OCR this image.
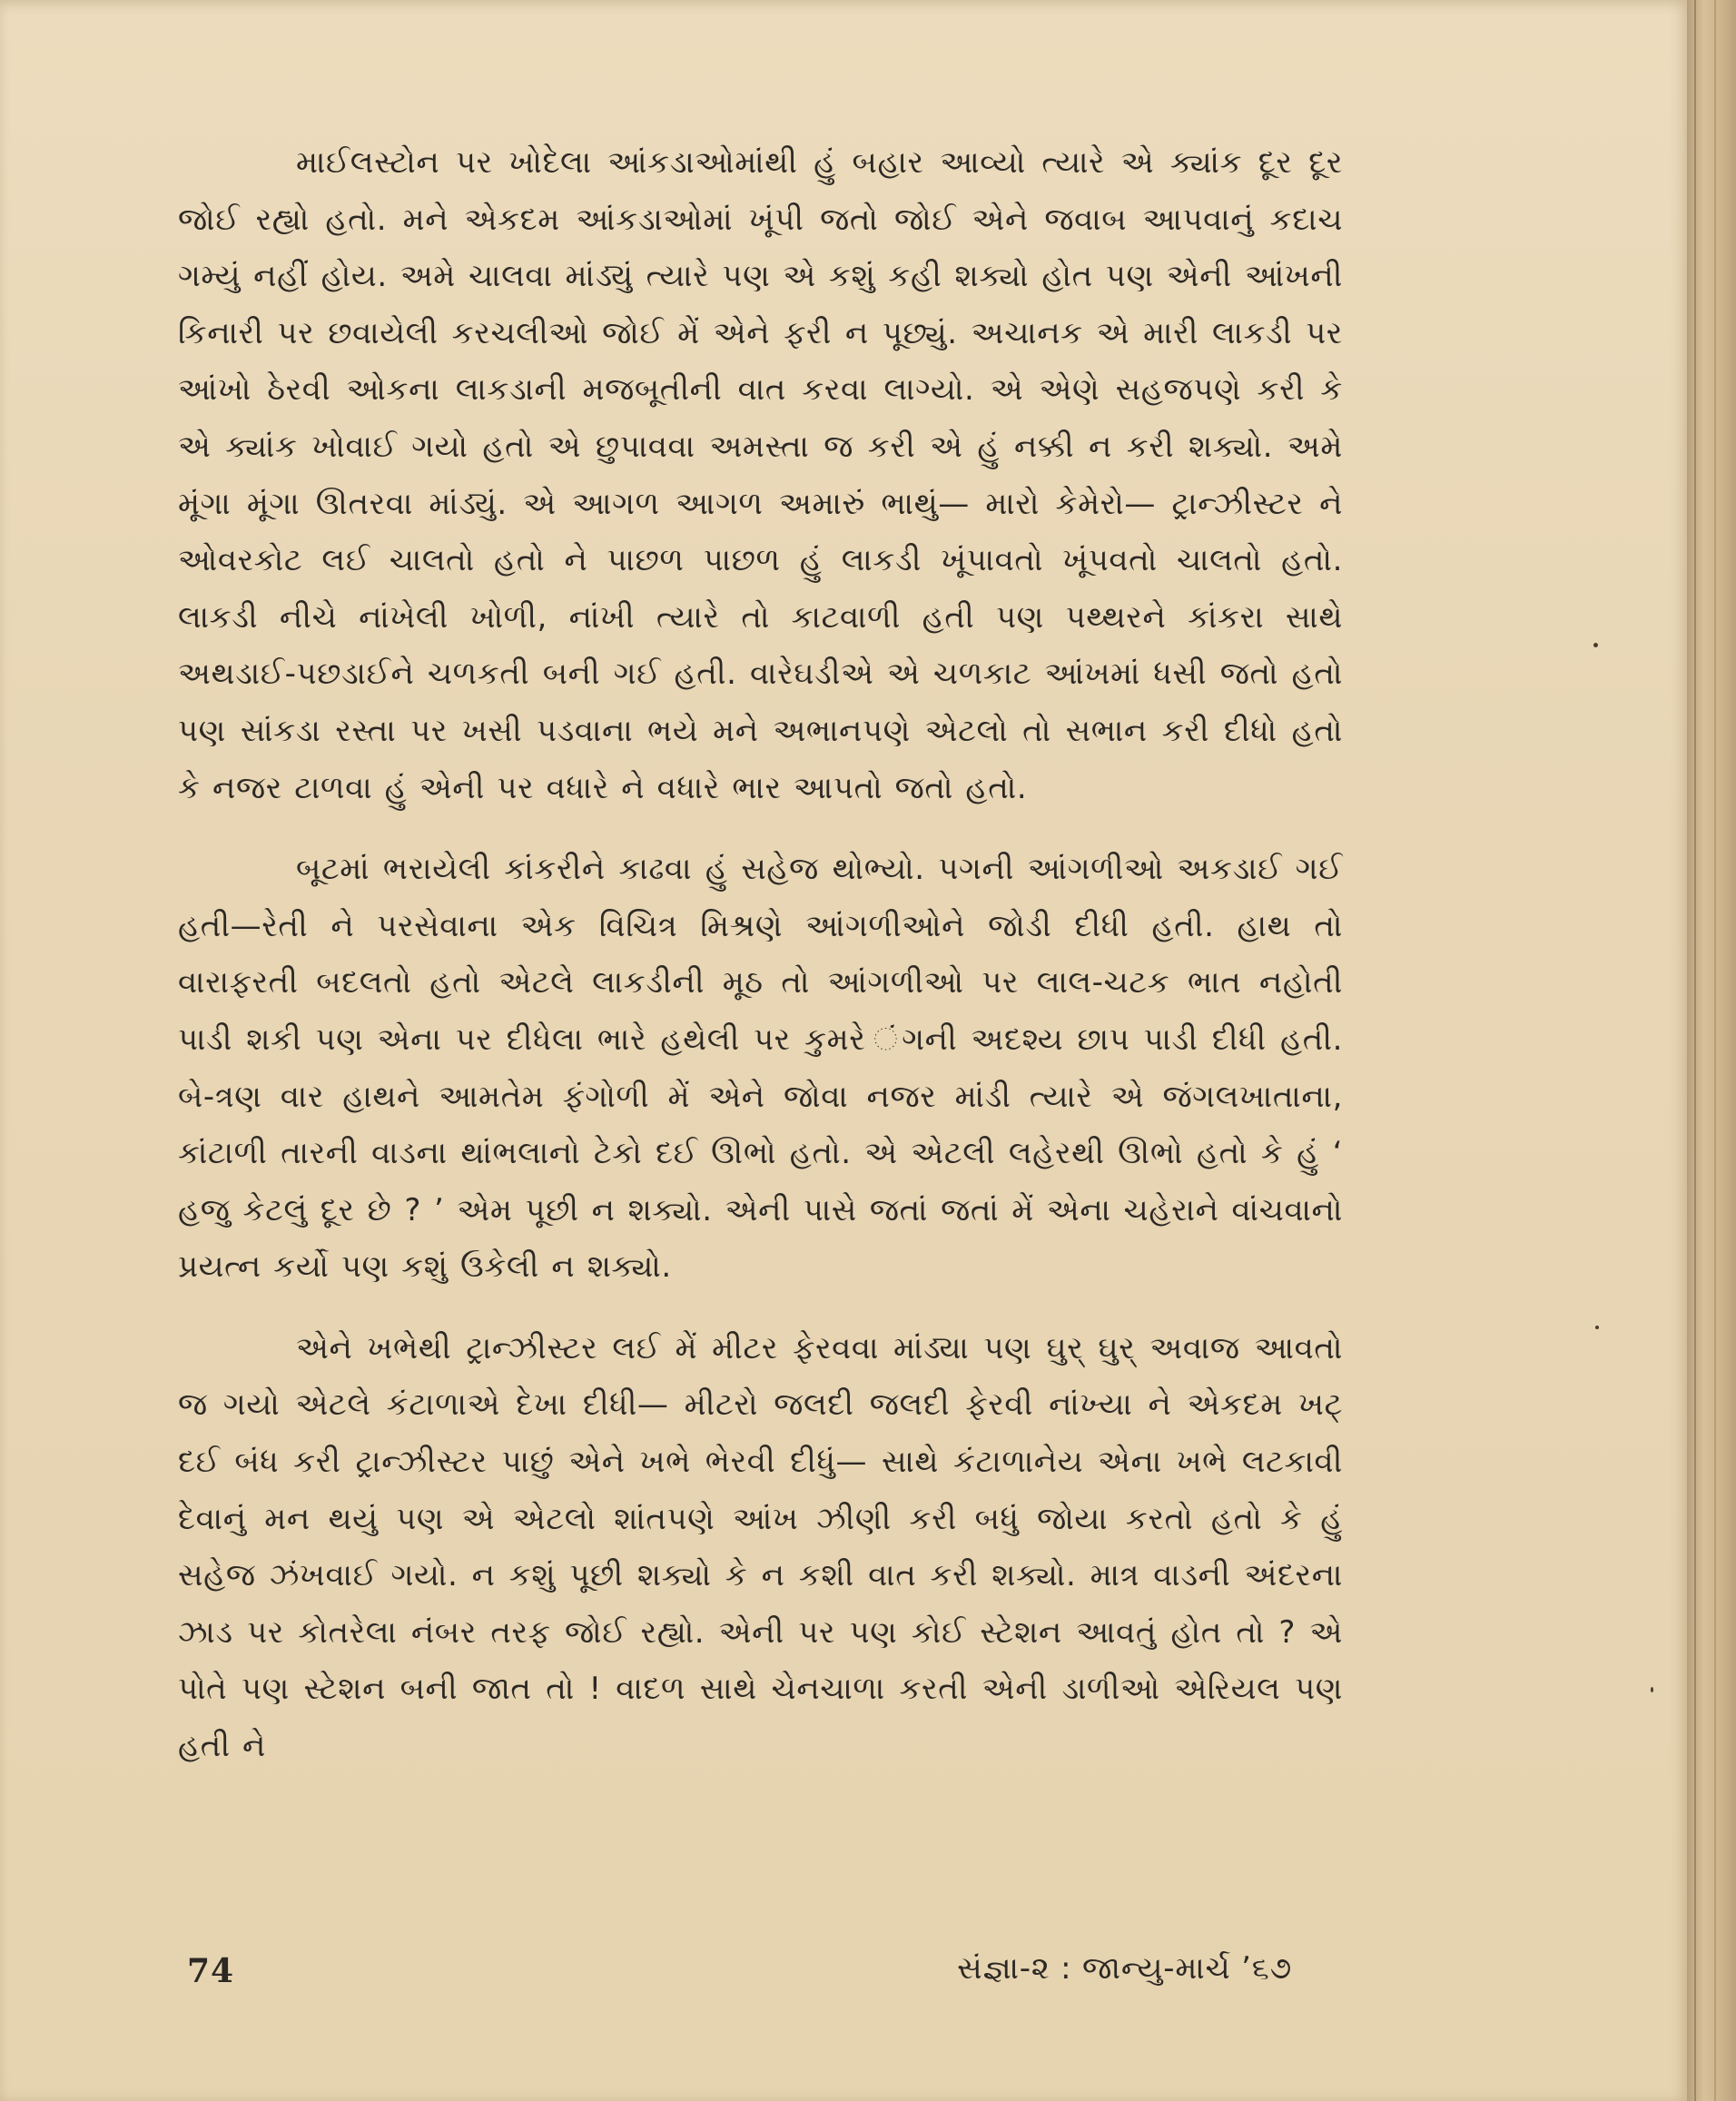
માઈલસ્ટોન પર ખોદેલા આંકડાઓમાંથી હું બહાર આવ્યો ત્યારે એ ક્યાંક દૂર દૂર જોઈ રહ્યો હતો. મને એકદમ આંકડાઓમાં ખૂંપી જતો જોઈ એને જવાબ આપવાનું કદાચ ગમ્યું નહીં હોય. અમે ચાલવા માંડ્યું ત્યારે પણ એ કશું કહી શક્યો હોત પણ એની આંખની કિનારી પર છવાયેલી કરચલીઓ જોઈ મેં એને ફરી ન પૂછ્યું. અચાનક એ મારી લાકડી પર આંખો ઠેરવી ઓકના લાકડાની મજબૂતીની વાત કરવા લાગ્યો. એ એણે સહજપણે કરી કે એ ક્યાંક ખોવાઈ ગયો હતો એ છુપાવવા અમસ્તા જ કરી એ હું નક્કી ન કરી શક્યો. અમે મૂંગા મૂંગા ઊતરવા માંડ્યું. એ આગળ આગળ અમારું ભાથું— મારો કેમેરો— ટ્રાન્ઝીસ્ટર ને ઓવરકોટ લઈ ચાલતો હતો ને પાછળ પાછળ હું લાકડી ખૂંપાવતો ખૂંપવતો ચાલતો હતો. લાકડી નીચે નાંખેલી ખોળી, નાંખી ત્યારે તો કાટવાળી હતી પણ પથ્થરને કાંકરા સાથે અથડાઈ-પછડાઈને ચળકતી બની ગઈ હતી. વારેઘડીએ એ ચળકાટ આંખમાં ધસી જતો હતો પણ સાંકડા રસ્તા પર ખસી પડવાના ભયે મને અભાનપણે એટલો તો સભાન કરી દીધો હતો કે નજર ટાળવા હું એની પર વધારે ને વધારે ભાર આપતો જતો હતો.

બૂટમાં ભરાયેલી કાંકરીને કાઢવા હું સહેજ થોભ્યો. પગની આંગળીઓ અકડાઈ ગઈ હતી—રેતી ને પરસેવાના એક વિચિત્ર મિશ્રણે આંગળીઓને જોડી દીધી હતી. હાથ તો વારાફરતી બદલતો હતો એટલે લાકડીની મૂઠ તો આંગળીઓ પર લાલ-ચટક ભાત નહોતી પાડી શકી પણ એના પર દીધેલા ભારે હથેલી પર કુમરે ંગની અદશ્ય છાપ પાડી દીધી હતી. બે-ત્રણ વાર હાથને આમતેમ ફંગોળી મેં એને જોવા નજર માંડી ત્યારે એ જંગલખાતાના, કાંટાળી તારની વાડના થાંભલાનો ટેકો દઈ ઊભો હતો. એ એટલી લહેરથી ઊભો હતો કે હું ‘ હજુ કેટલું દૂર છે ? ’ એમ પૂછી ન શક્યો. એની પાસે જતાં જતાં મેં એના ચહેરાને વાંચવાનો પ્રયત્ન કર્યો પણ કશું ઉકેલી ન શક્યો.

એને ખભેથી ટ્રાન્ઝીસ્ટર લઈ મેં મીટર ફેરવવા માંડ્યા પણ ઘુર્ ઘુર્ અવાજ આવતો જ ગયો એટલે કંટાળાએ દેખા દીધી— મીટરો જલદી જલદી ફેરવી નાંખ્યા ને એકદમ ખટ્ દઈ બંધ કરી ટ્રાન્ઝીસ્ટર પાછું એને ખભે ભેરવી દીધું— સાથે કંટાળાનેય એના ખભે લટકાવી દેવાનું મન થયું પણ એ એટલો શાંતપણે આંખ ઝીણી કરી બધું જોયા કરતો હતો કે હું સહેજ ઝંખવાઈ ગયો. ન કશું પૂછી શક્યો કે ન કશી વાત કરી શક્યો. માત્ર વાડની અંદરના ઝાડ પર કોતરેલા નંબર તરફ જોઈ રહ્યો. એની પર પણ કોઈ સ્ટેશન આવતું હોત તો ? એ પોતે પણ સ્ટેશન બની જાત તો ! વાદળ સાથે ચેનચાળા કરતી એની ડાળીઓ એરિયલ પણ હતી ને

74	સંજ્ઞા-૨ : જાન્યુ-માર્ચ ’૬૭
